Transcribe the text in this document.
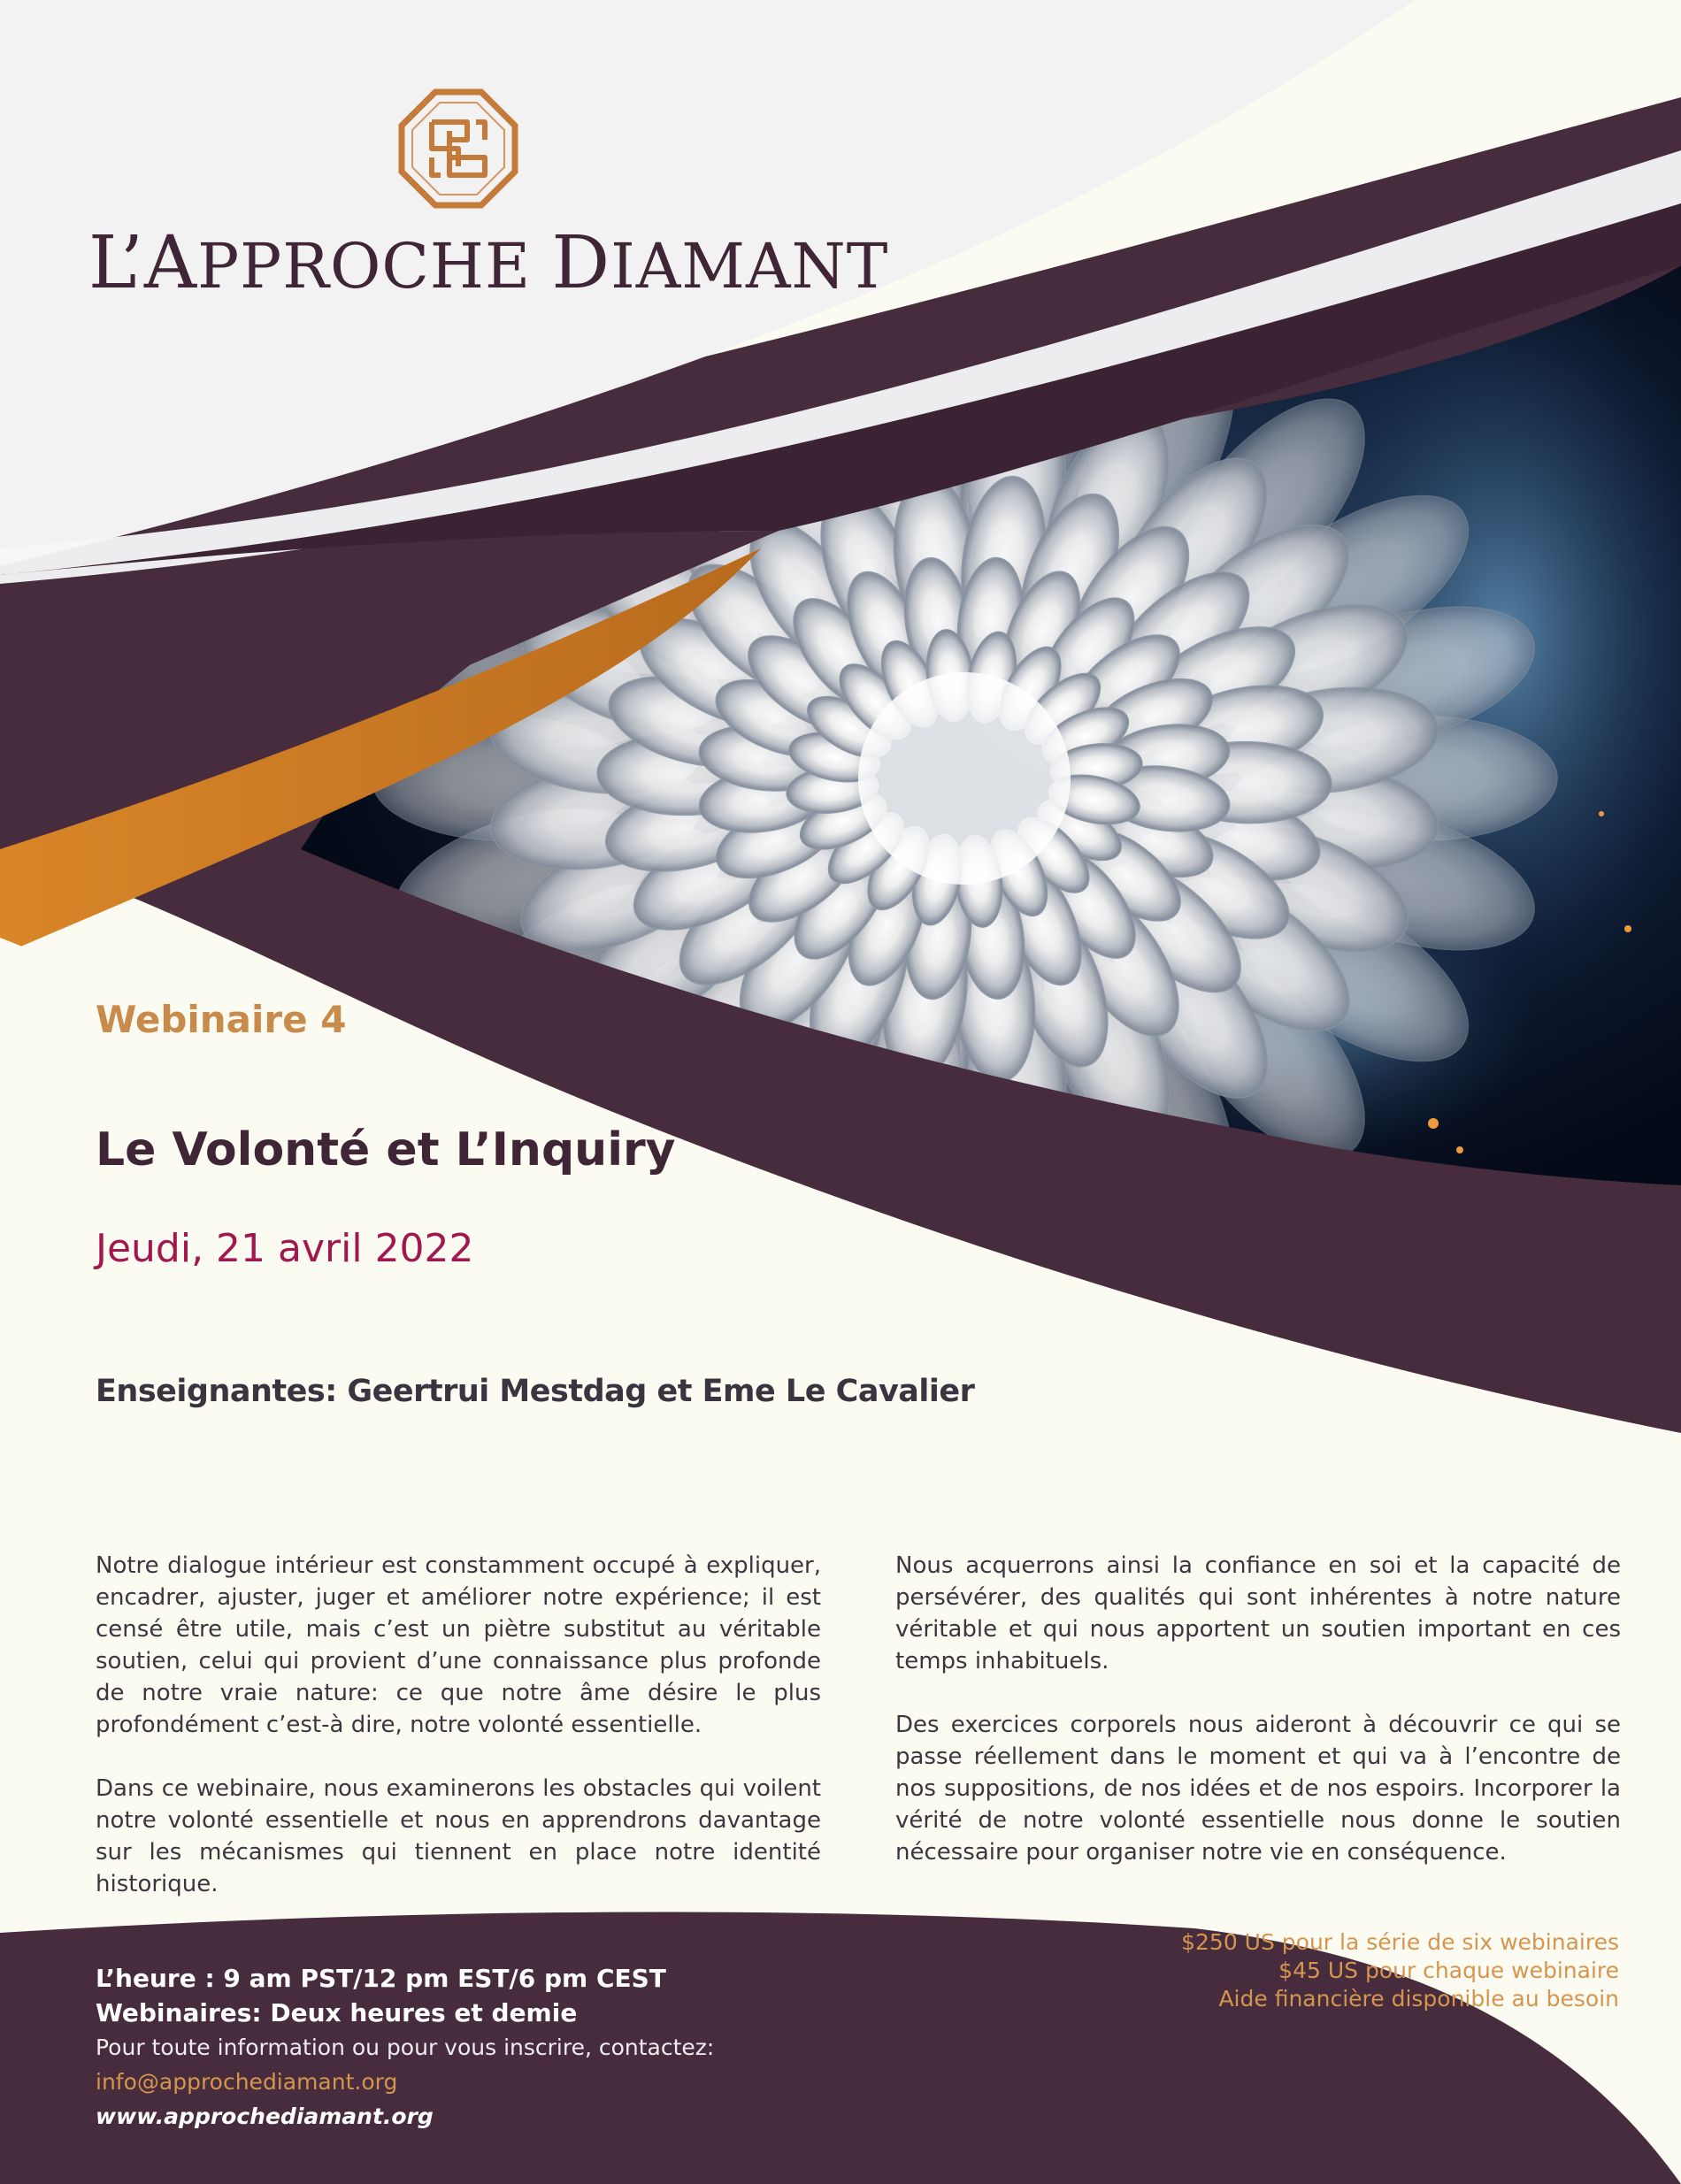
L’APPROCHE DIAMANT
Webinaire 4
Le Volonté et L’Inquiry
Jeudi, 21 avril 2022
Enseignantes: Geertrui Mestdag et Eme Le Cavalier

Notre dialogue intérieur est constamment occupé à expliquer, encadrer, ajuster, juger et améliorer notre expérience; il est censé être utile, mais c’est un piètre substitut au véritable soutien, celui qui provient d’une connaissance plus profonde de notre vraie nature: ce que notre âme désire le plus profondément c’est-à dire, notre volonté essentielle.

Dans ce webinaire, nous examinerons les obstacles qui voilent notre volonté essentielle et nous en apprendrons davantage sur les mécanismes qui tiennent en place notre identité historique.

Nous acquerrons ainsi la confiance en soi et la capacité de persévérer, des qualités qui sont inhérentes à notre nature véritable et qui nous apportent un soutien important en ces temps inhabituels.

Des exercices corporels nous aideront à découvrir ce qui se passe réellement dans le moment et qui va à l’encontre de nos suppositions, de nos idées et de nos espoirs. Incorporer la vérité de notre volonté essentielle nous donne le soutien nécessaire pour organiser notre vie en conséquence.

$250 US pour la série de six webinaires
$45 US pour chaque webinaire
Aide financière disponible au besoin
L’heure : 9 am PST/12 pm EST/6 pm CEST
Webinaires: Deux heures et demie
Pour toute information ou pour vous inscrire, contactez:
info@approchediamant.org
www.approchediamant.org
